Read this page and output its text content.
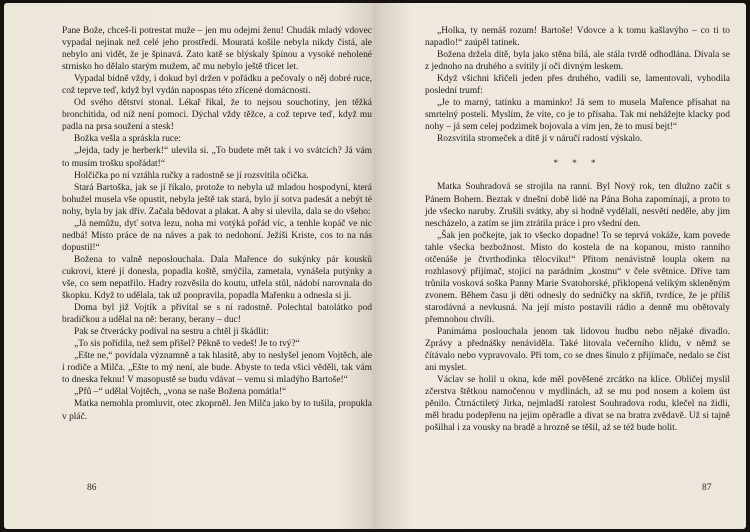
Pane Bože, chceš-li potrestat muže – jen mu odejmi ženu! Chudák mladý vdovec vypadal nejinak než celé jeho prostředí. Mouratá košile nebyla nikdy čistá, ale nebylo ani vidět, že je špinavá. Zato katě se blýskaly špínou a vysoké neholené strnisko ho dělalo starým mužem, ač mu nebylo ještě třicet let.

Vypadal bídně vždy, i dokud byl držen v pořádku a pečovaly o něj dobré ruce, což teprve teď, když byl vydán napospas této zřícené domácnosti.

Od svého dětství stonal. Lékař říkal, že to nejsou souchotiny, jen těžká bronchitida, od níž není pomoci. Dýchal vždy těžce, a což teprve teď, když mu padla na prsa soužení a stesk!

Božka vešla a spráskla ruce:

„Jejda, tady je herberk!“ ulevila si. „To budete mět tak i vo svátcích? Já vám to musím trošku spořádat!“

Holčička po ní vztáhla ručky a radostně se jí rozsvítila očička.

Stará Bartoška, jak se jí říkalo, protože to nebyla už mladou hospodyní, která bohužel musela vše opustit, nebyla ještě tak stará, bylo jí sotva padesát a nebýt té nohy, byla by jak dřív. Začala bědovat a plakat. A aby si ulevila, dala se do všeho:

„Já nemůžu, dyť sotva lezu, noha mi votýká pořád víc, a tenhle kopáč ve nic nedbá! Místo práce de na náves a pak to nedohoní. Ježíši Kriste, cos to na nás dopustil!“

Božena to valně neposlouchala. Dala Mařence do sukýnky pár kousků cukroví, které jí donesla, popadla koště, smýčila, zametala, vynášela putýnky a vše, co sem nepatřilo. Hadry rozvěsila do koutu, utřela stůl, nádobí narovnala do škopku. Když to udělala, tak už poopravila, popadla Mařenku a odnesla si ji.

Doma byl již Vojtík a přivítal se s ní radostně. Polechtal batolátko pod bradičkou a udělal na ně: berany, berany – duc!

Pak se čtverácky podíval na sestru a chtěl ji škádlit:

„To sis pořídila, než sem přišel? Pěkně to vedeš! Je to tvý?“

„Ešte ne,“ povídala významně a tak hlasitě, aby to neslyšel jenom Vojtěch, ale i rodiče a Milča. „Ešte to mý není, ale bude. Abyste to teda všici věděli, tak vám to dneska řeknu! V masopustě se budu vdávat – vemu si mladýho Bartoše!“

„Pfů –“ udělal Vojtěch, „vona se naše Božena pomátla!“

Matka nemohla promluvit, otec zkoprněl. Jen Milča jako by to tušila, propukla v pláč.

86

„Holka, ty nemáš rozum! Bartoše! Vdovce a k tomu kašlavýho – co ti to napadlo!“ zaúpěl tatínek.

Božena držela dítě, byla jako stěna bílá, ale stála tvrdě odhodlána. Dívala se z jednoho na druhého a svítily jí oči divným leskem.

Když všichni křičeli jeden přes druhého, vadili se, lamentovali, vyhodila poslední trumf:

„Je to marný, tatínku a maminko! Já sem to musela Mařence přísahat na smrtelný posteli. Myslím, že víte, co je to přísaha. Tak mi nehážejte klacky pod nohy – já sem celej podzimek bojovala a vím jen, že to musí bejt!“

Rozsvítila stromeček a dítě jí v náručí radostí výskalo.

* * *

Matka Souhradová se strojila na ranní. Byl Nový rok, ten dlužno začít s Pánem Bohem. Beztak v dnešní době lidé na Pána Boha zapomínají, a proto to jde všecko naruby. Zrušili svátky, aby si hodně vydělali, nesvětí neděle, aby jim nescházelo, a zatím se jim ztrátila práce i pro všední den.

„Šak jen počkejte, jak to všecko dopadne! To se teprvá vokáže, kam povede tahle všecka bezbožnost. Místo do kostela de na kopanou, místo ranního otčenáše je čtvrthodinka tělocviku!“ Přitom nenávistně loupla okem na rozhlasový přijímač, stojící na parádním „kostnu“ v čele světnice. Dříve tam trůnila vosková soška Panny Marie Svatohorské, přiklopená velikým skleněným zvonem. Během času ji děti odnesly do sedničky na skříň, tvrdíce, že je příliš starodávná a nevkusná. Na její místo postavili rádio a denně mu obětovaly přemnohou chvíli.

Panímáma poslouchala jenom tak lidovou hudbu nebo nějaké divadlo. Zprávy a přednášky nenáviděla. Také litovala večerního klidu, v němž se čítávalo nebo vypravovalo. Při tom, co se dnes šinulo z přijímače, nedalo se číst ani myslet.

Václav se holil u okna, kde měl pověšené zrcátko na klice. Obličej myslil zčerstva štětkou namočenou v mydlinách, až se mu pod nosem a kolem úst pěnilo. Čtrnáctiletý Jirka, nejmladší ratolest Souhradova rodu, klečel na židli, měl bradu podepřenu na jejím opěradle a dívat se na bratra zvědavě. Už si tajně pošilhal i za vousky na bradě a hrozně se těšil, až se též bude holit.

87
